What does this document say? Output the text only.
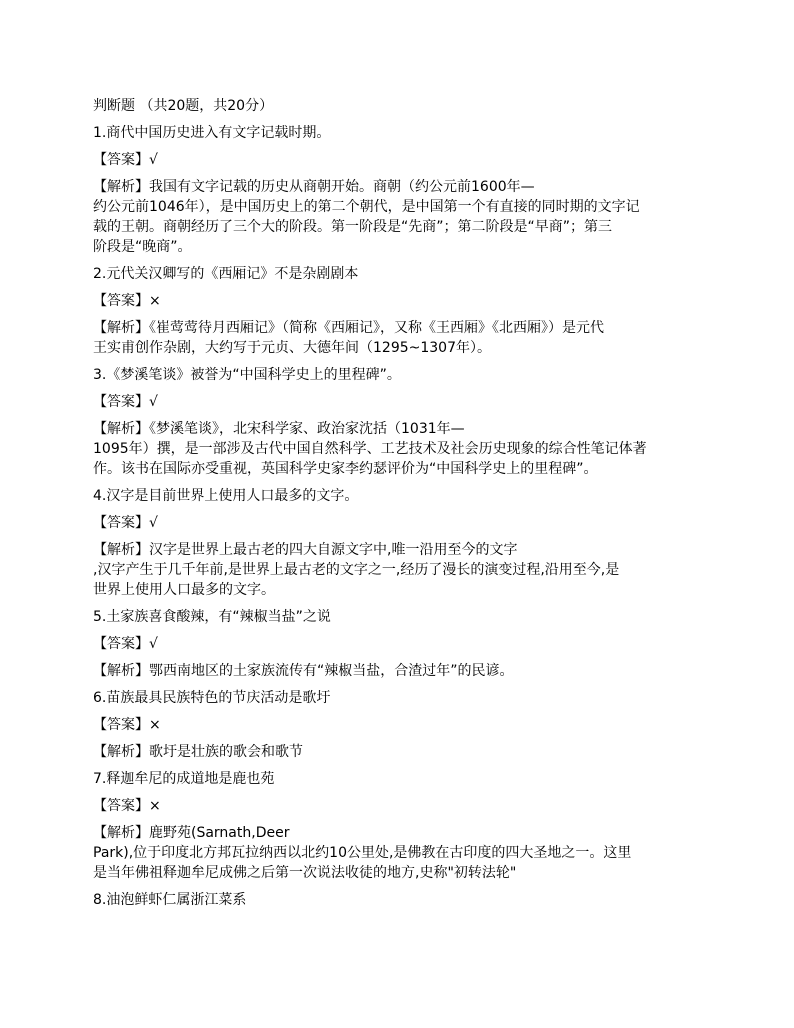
判断题 （共20题，共20分）
1.商代中国历史进入有文字记载时期。
【答案】√
【解析】我国有文字记载的历史从商朝开始。商朝（约公元前1600年—
约公元前1046年），是中国历史上的第二个朝代，是中国第一个有直接的同时期的文字记
载的王朝。商朝经历了三个大的阶段。第一阶段是“先商”；第二阶段是“早商”；第三
阶段是“晚商”。
2.元代关汉卿写的《西厢记》不是杂剧剧本
【答案】×
【解析】《崔莺莺待月西厢记》（简称《西厢记》，又称《王西厢》《北西厢》）是元代
王实甫创作杂剧，大约写于元贞、大德年间（1295~1307年）。
3.《梦溪笔谈》被誉为“中国科学史上的里程碑”。
【答案】√
【解析】《梦溪笔谈》，北宋科学家、政治家沈括（1031年—
1095年）撰，是一部涉及古代中国自然科学、工艺技术及社会历史现象的综合性笔记体著
作。该书在国际亦受重视，英国科学史家李约瑟评价为“中国科学史上的里程碑”。
4.汉字是目前世界上使用人口最多的文字。
【答案】√
【解析】汉字是世界上最古老的四大自源文字中,唯一沿用至今的文字
,汉字产生于几千年前,是世界上最古老的文字之一,经历了漫长的演变过程,沿用至今,是
世界上使用人口最多的文字。
5.土家族喜食酸辣，有“辣椒当盐”之说
【答案】√
【解析】鄂西南地区的土家族流传有“辣椒当盐，合渣过年”的民谚。
6.苗族最具民族特色的节庆活动是歌圩
【答案】×
【解析】歌圩是壮族的歌会和歌节
7.释迦牟尼的成道地是鹿也苑
【答案】×
【解析】鹿野苑(Sarnath,Deer
Park),位于印度北方邦瓦拉纳西以北约10公里处,是佛教在古印度的四大圣地之一。这里
是当年佛祖释迦牟尼成佛之后第一次说法收徒的地方,史称"初转法轮"
8.油泡鲜虾仁属浙江菜系
